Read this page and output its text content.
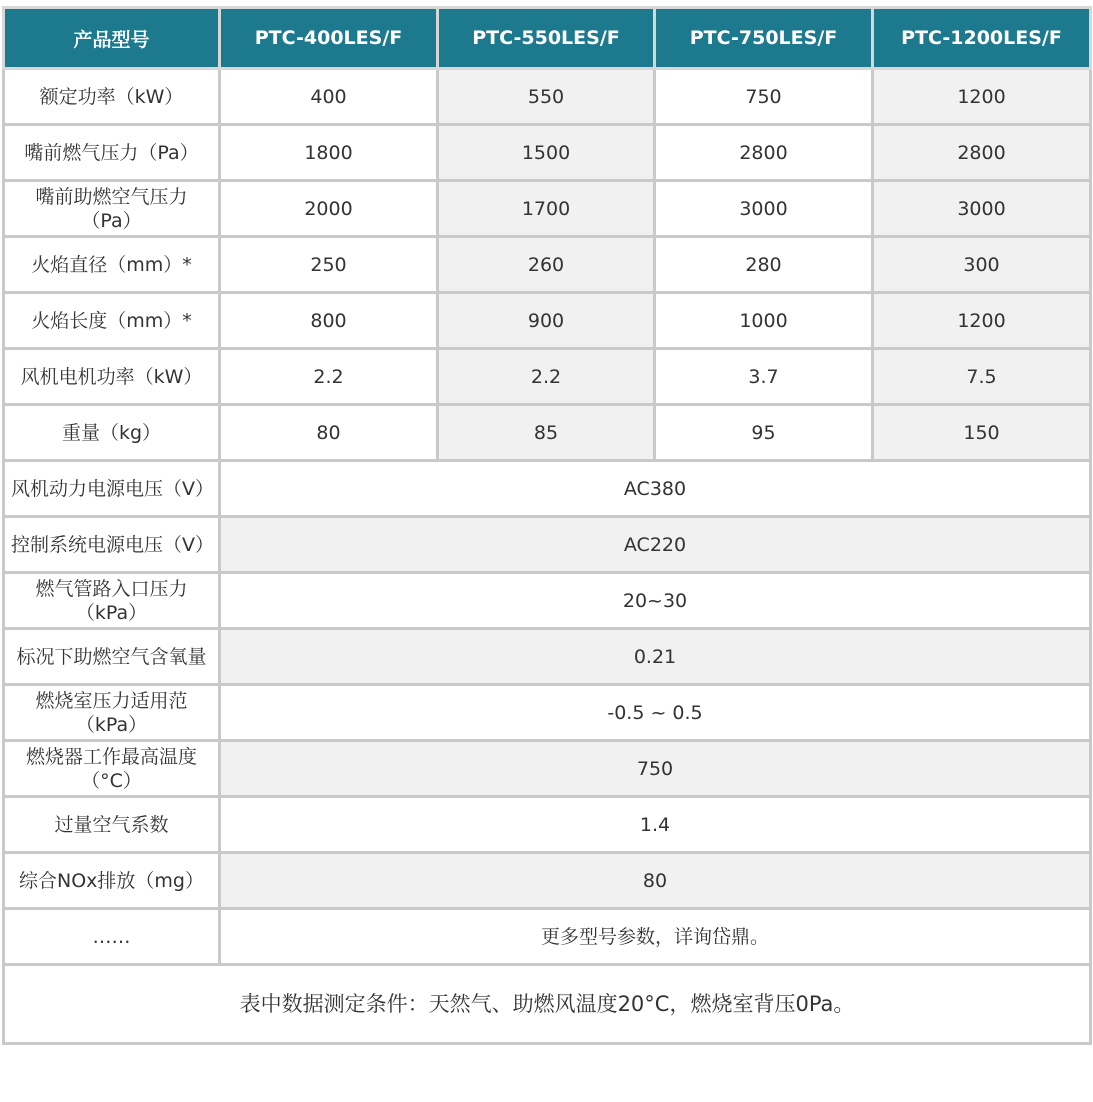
产品型号	PTC-400LES/F	PTC-550LES/F	PTC-750LES/F	PTC-1200LES/F
额定功率（kW）	400	550	750	1200
嘴前燃气压力（Pa）	1800	1500	2800	2800
嘴前助燃空气压力（Pa）	2000	1700	3000	3000
火焰直径（mm）*	250	260	280	300
火焰长度（mm）*	800	900	1000	1200
风机电机功率（kW）	2.2	2.2	3.7	7.5
重量（kg）	80	85	95	150
风机动力电源电压（V）	AC380			
控制系统电源电压（V）	AC220			
燃气管路入口压力（kPa）	20~30			
标况下助燃空气含氧量	0.21			
燃烧室压力适用范（kPa）	-0.5 ~ 0.5			
燃烧器工作最高温度（°C）	750			
过量空气系数	1.4			
综合NOx排放（mg）	80			
……	更多型号参数，详询岱鼎。			
表中数据测定条件：天然气、助燃风温度20°C，燃烧室背压0Pa。				
